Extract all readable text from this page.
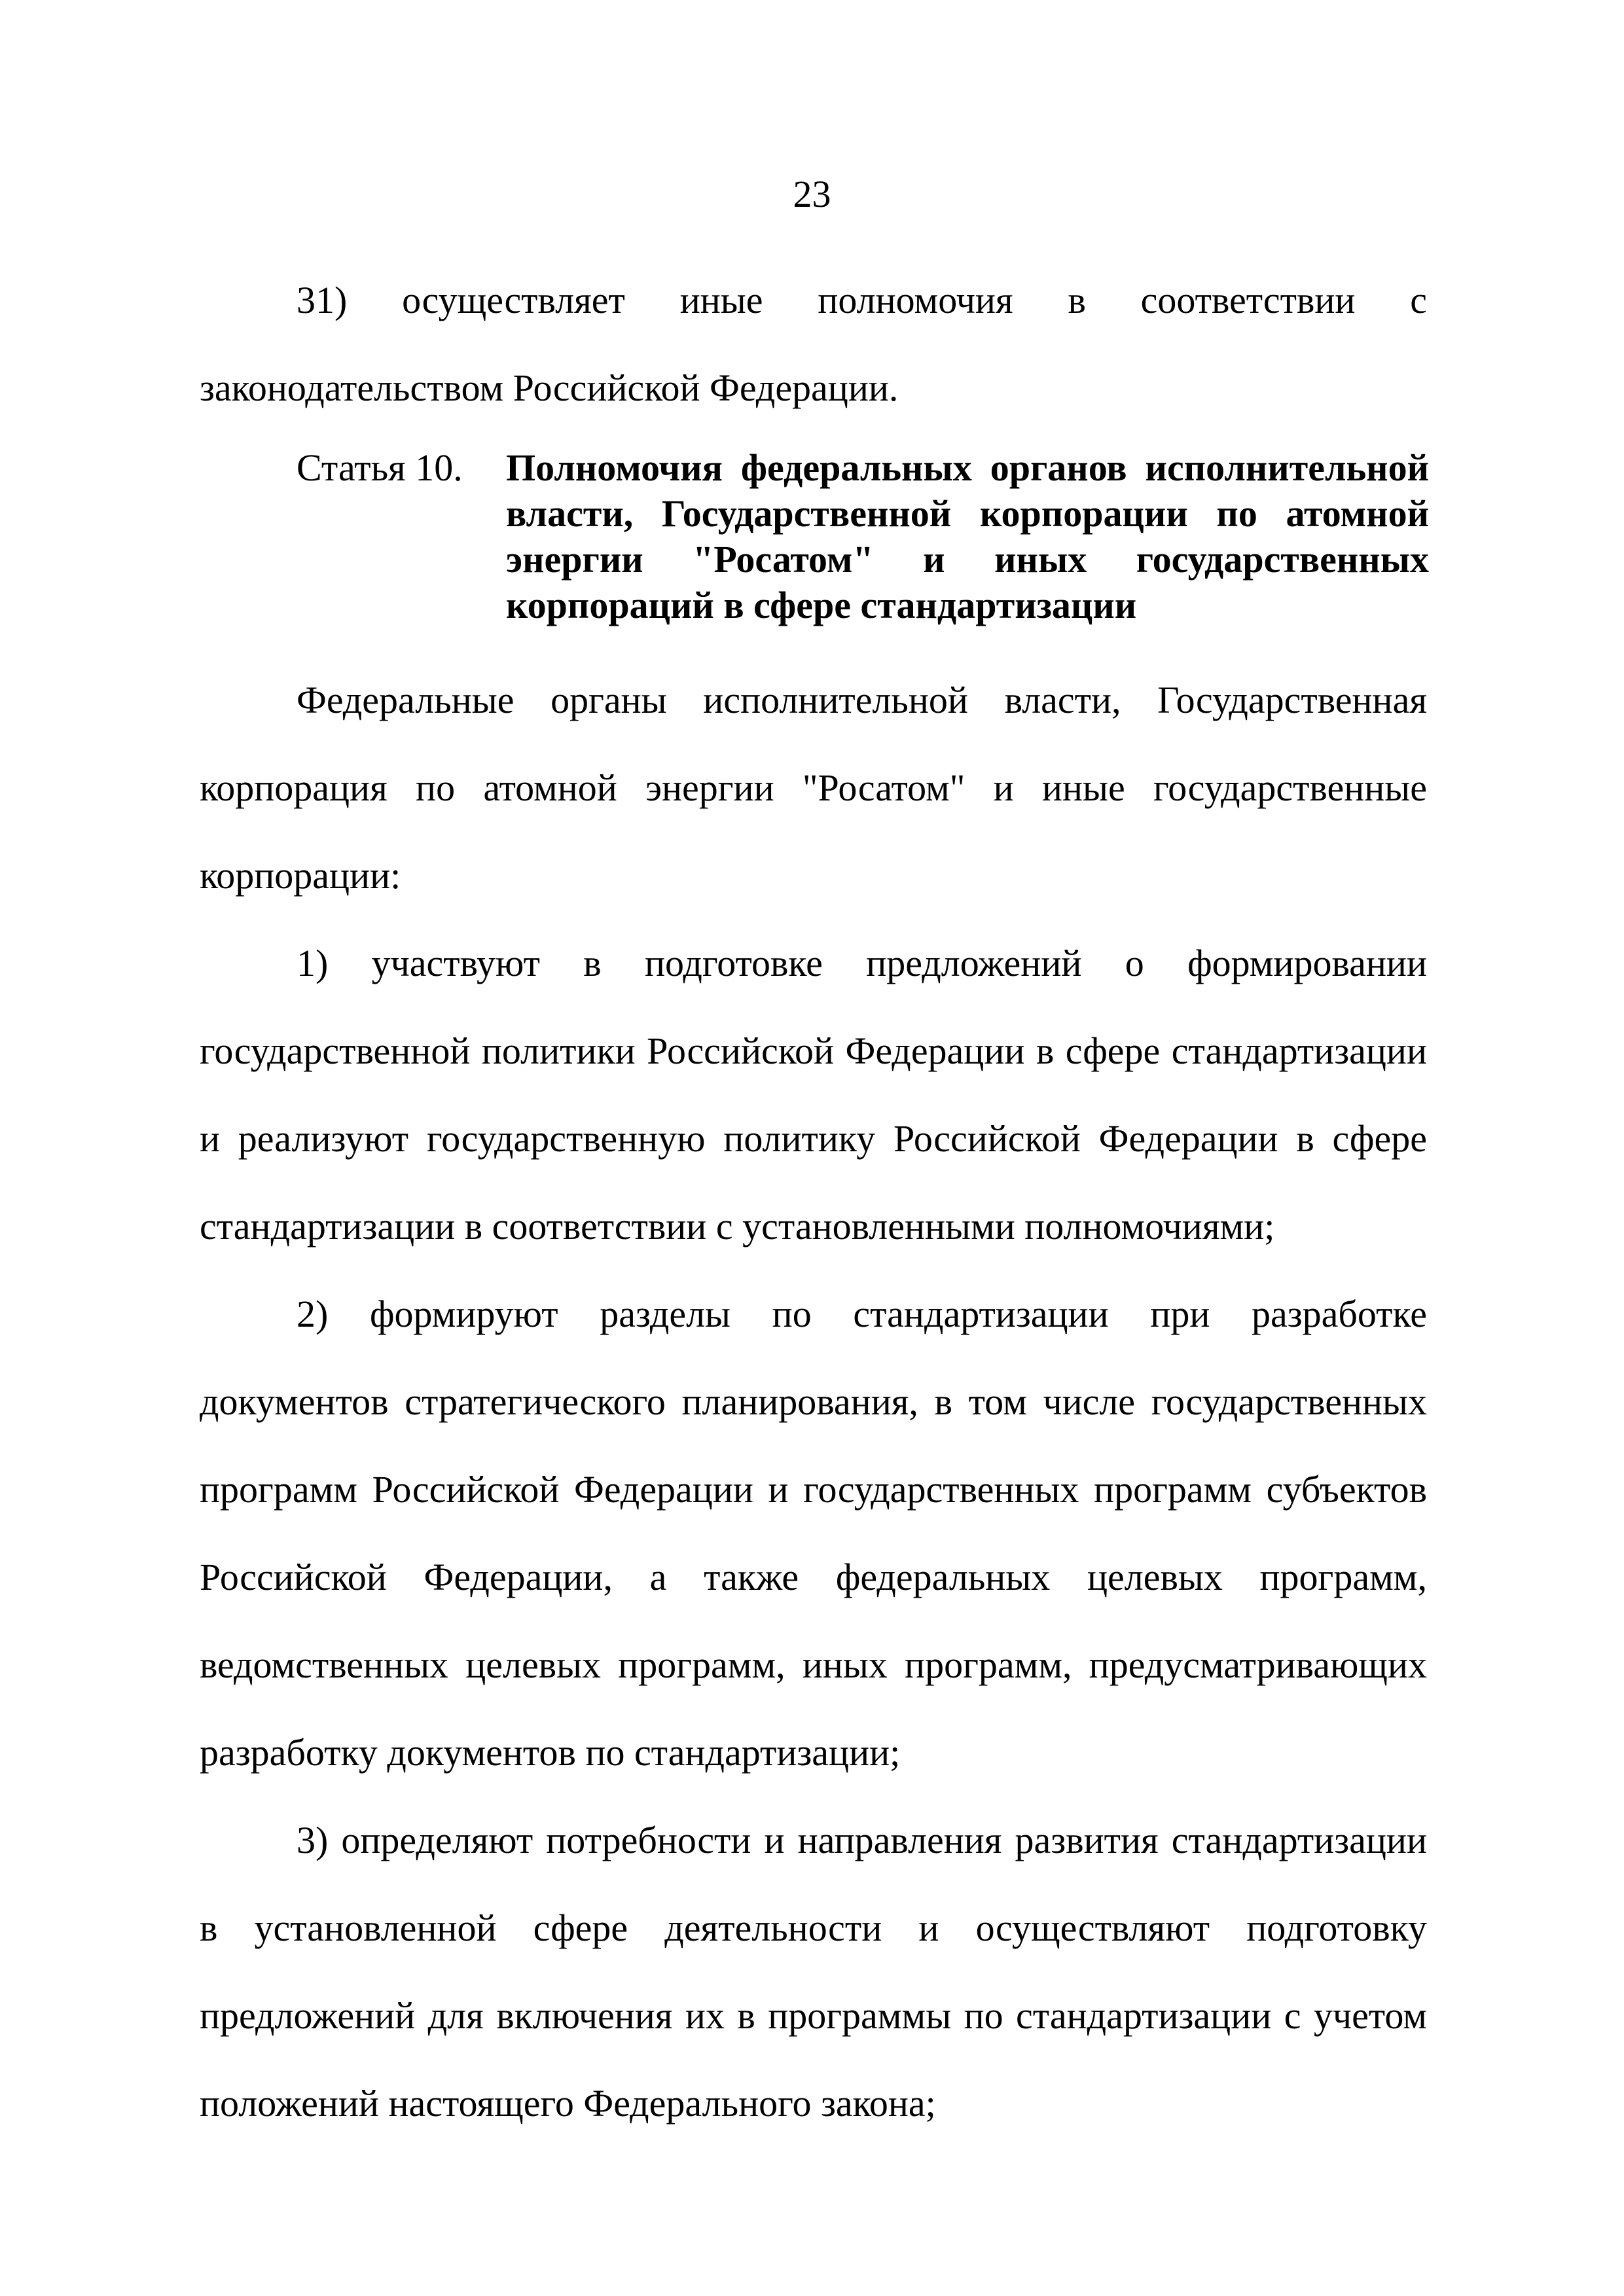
23

31) осуществляет иные полномочия в соответствии с законодательством Российской Федерации.

Статья 10. Полномочия федеральных органов исполнительной власти, Государственной корпорации по атомной энергии "Росатом" и иных государственных корпораций в сфере стандартизации

Федеральные органы исполнительной власти, Государственная корпорация по атомной энергии "Росатом" и иные государственные корпорации:

1) участвуют в подготовке предложений о формировании государственной политики Российской Федерации в сфере стандартизации и реализуют государственную политику Российской Федерации в сфере стандартизации в соответствии с установленными полномочиями;

2) формируют разделы по стандартизации при разработке документов стратегического планирования, в том числе государственных программ Российской Федерации и государственных программ субъектов Российской Федерации, а также федеральных целевых программ, ведомственных целевых программ, иных программ, предусматривающих разработку документов по стандартизации;

3) определяют потребности и направления развития стандартизации в установленной сфере деятельности и осуществляют подготовку предложений для включения их в программы по стандартизации с учетом положений настоящего Федерального закона;
